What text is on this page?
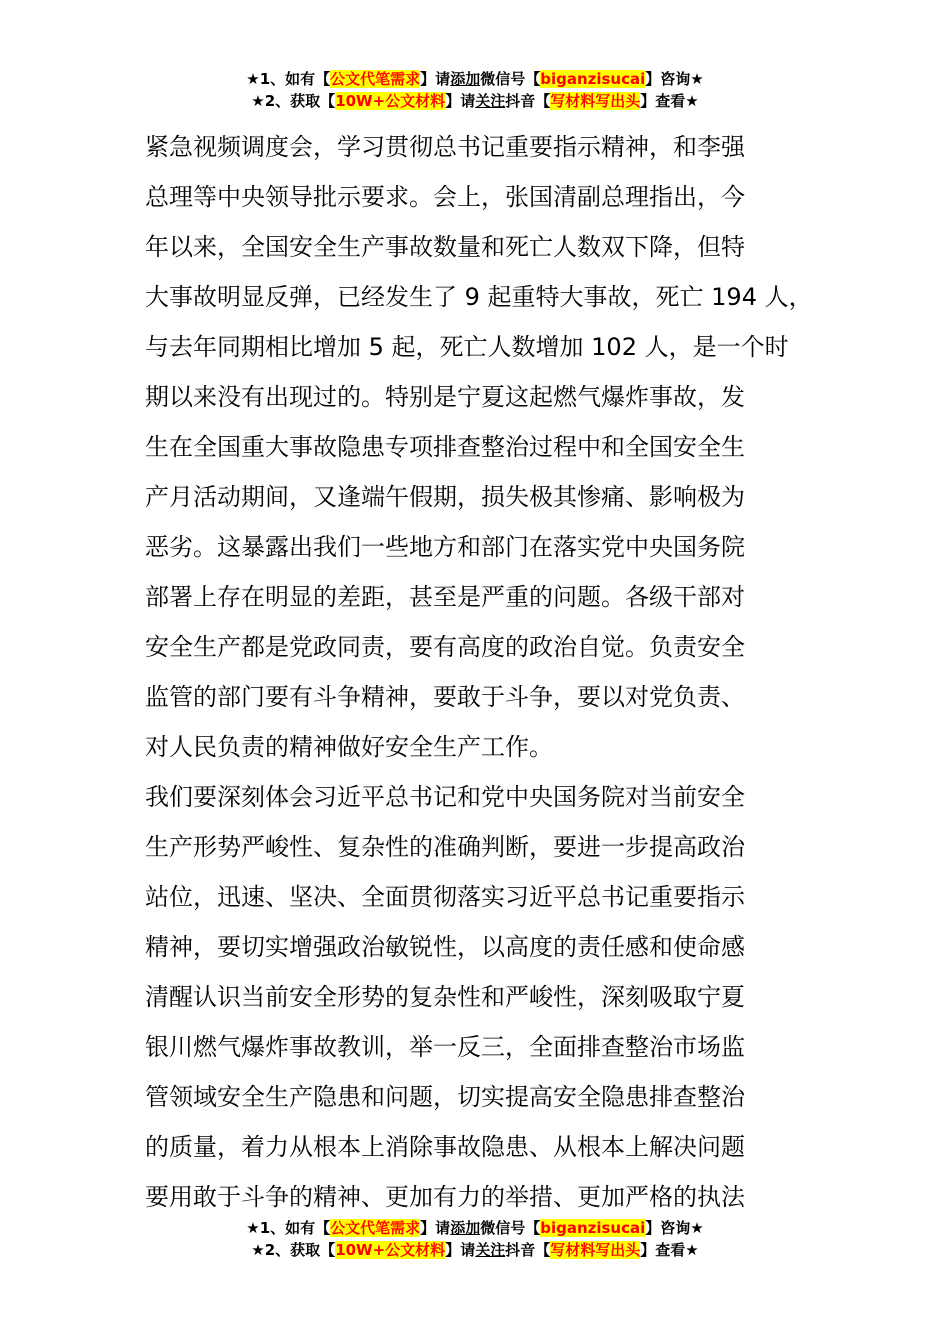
★1、如有【公文代笔需求】请添加微信号【biganzisucai】咨询★
★2、获取【10W+公文材料】请关注抖音【写材料写出头】查看★
紧急视频调度会，学习贯彻总书记重要指示精神，和李强
总理等中央领导批示要求。会上，张国清副总理指出，今
年以来，全国安全生产事故数量和死亡人数双下降，但特
大事故明显反弹，已经发生了 9 起重特大事故，死亡 194 人，
与去年同期相比增加 5 起，死亡人数增加 102 人，是一个时
期以来没有出现过的。特别是宁夏这起燃气爆炸事故，发
生在全国重大事故隐患专项排查整治过程中和全国安全生
产月活动期间，又逢端午假期，损失极其惨痛、影响极为
恶劣。这暴露出我们一些地方和部门在落实党中央国务院
部署上存在明显的差距，甚至是严重的问题。各级干部对
安全生产都是党政同责，要有高度的政治自觉。负责安全
监管的部门要有斗争精神，要敢于斗争，要以对党负责、
对人民负责的精神做好安全生产工作。
我们要深刻体会习近平总书记和党中央国务院对当前安全
生产形势严峻性、复杂性的准确判断，要进一步提高政治
站位，迅速、坚决、全面贯彻落实习近平总书记重要指示
精神，要切实增强政治敏锐性，以高度的责任感和使命感
清醒认识当前安全形势的复杂性和严峻性，深刻吸取宁夏
银川燃气爆炸事故教训，举一反三，全面排查整治市场监
管领域安全生产隐患和问题，切实提高安全隐患排查整治
的质量，着力从根本上消除事故隐患、从根本上解决问题
要用敢于斗争的精神、更加有力的举措、更加严格的执法
★1、如有【公文代笔需求】请添加微信号【biganzisucai】咨询★
★2、获取【10W+公文材料】请关注抖音【写材料写出头】查看★
